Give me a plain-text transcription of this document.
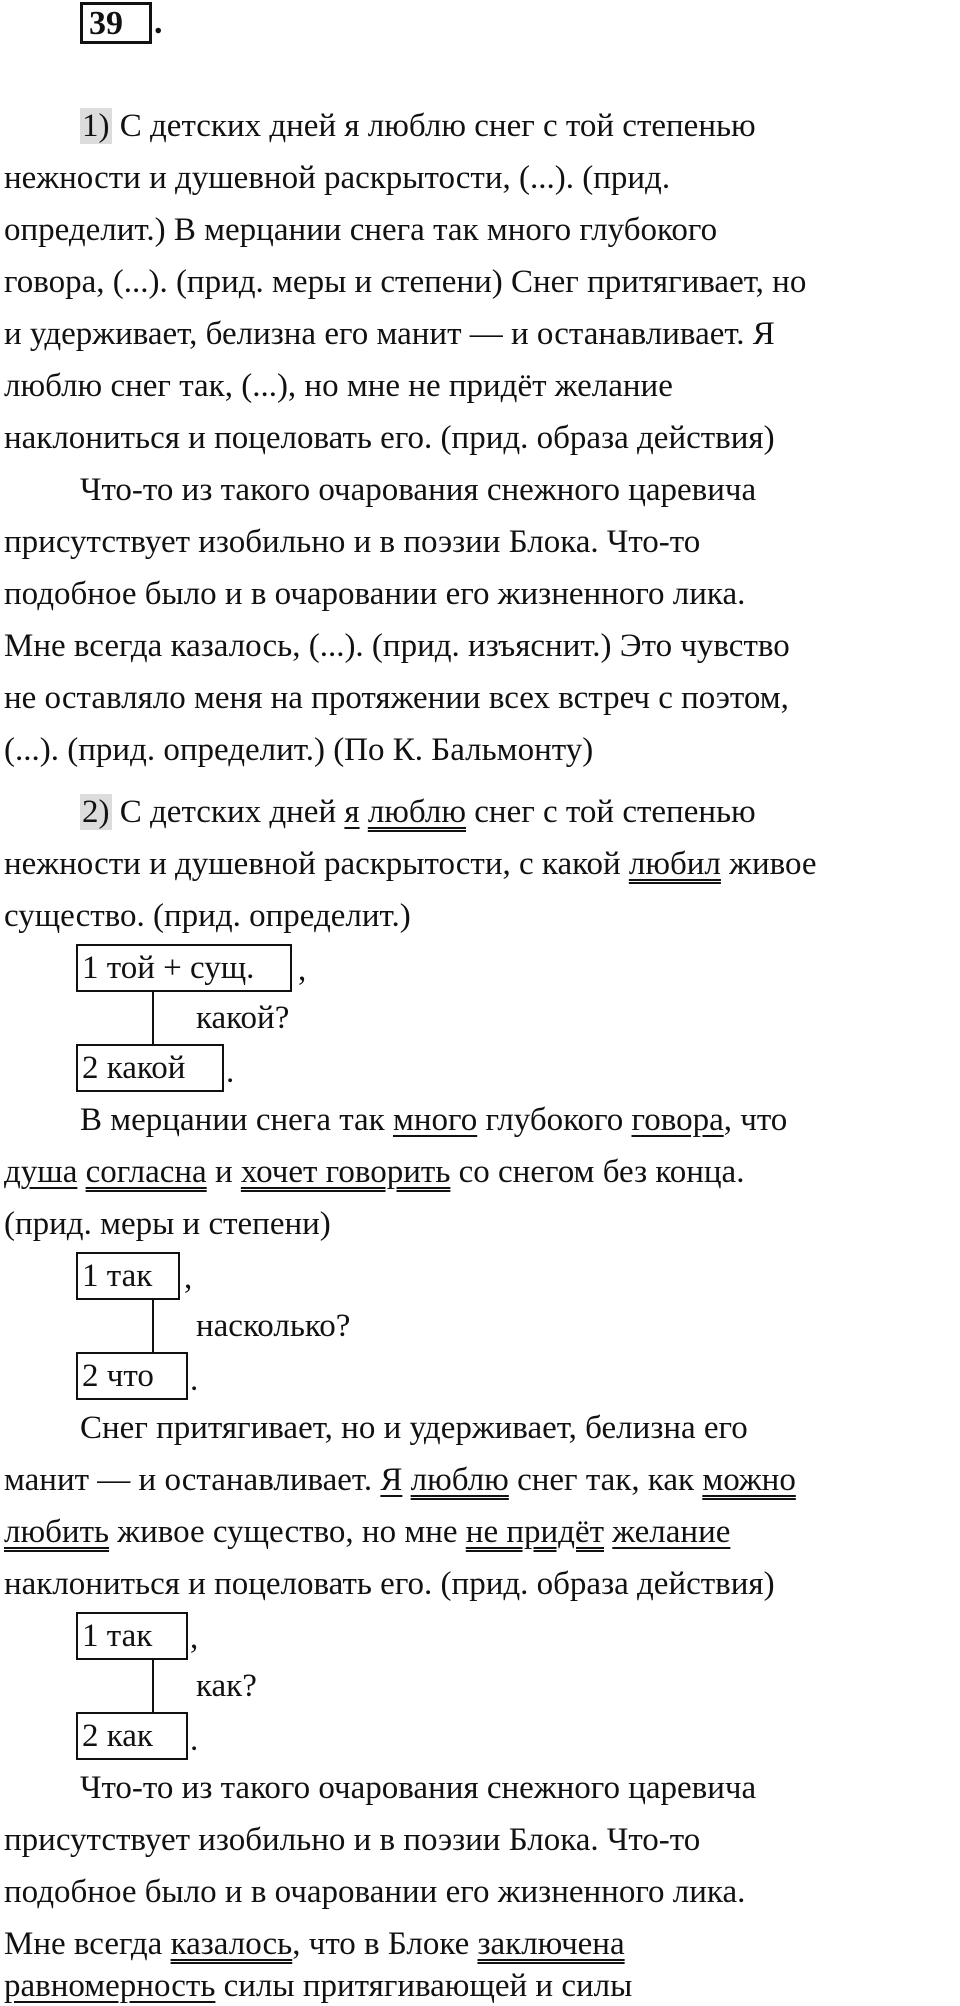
39 .
1) С детских дней я люблю снег с той степенью
нежности и душевной раскрытости, (...). (прид.
определит.) В мерцании снега так много глубокого
говора, (...). (прид. меры и степени) Снег притягивает, но
и удерживает, белизна его манит — и останавливает. Я
люблю снег так, (...), но мне не придёт желание
наклониться и поцеловать его. (прид. образа действия)
Что-то из такого очарования снежного царевича
присутствует изобильно и в поэзии Блока. Что-то
подобное было и в очаровании его жизненного лика.
Мне всегда казалось, (...). (прид. изъяснит.) Это чувство
не оставляло меня на протяжении всех встреч с поэтом,
(...). (прид. определит.) (По К. Бальмонту)
2) С детских дней я люблю снег с той степенью
нежности и душевной раскрытости, с какой любил живое
существо. (прид. определит.)
1 той + сущ.	,
какой?
2 какой	.
В мерцании снега так много глубокого говора, что
душа согласна и хочет говорить со снегом без конца.
(прид. меры и степени)
1 так ,
насколько?
2 что	.
Снег притягивает, но и удерживает, белизна его
манит — и останавливает. Я люблю снег так, как можно
любить живое существо, но мне не придёт желание
наклониться и поцеловать его. (прид. образа действия)
1 так	,
как?
2 как	.
Что-то из такого очарования снежного царевича
присутствует изобильно и в поэзии Блока. Что-то
подобное было и в очаровании его жизненного лика.
Мне всегда казалось, что в Блоке заключена
равномерность силы притягивающей и силы
